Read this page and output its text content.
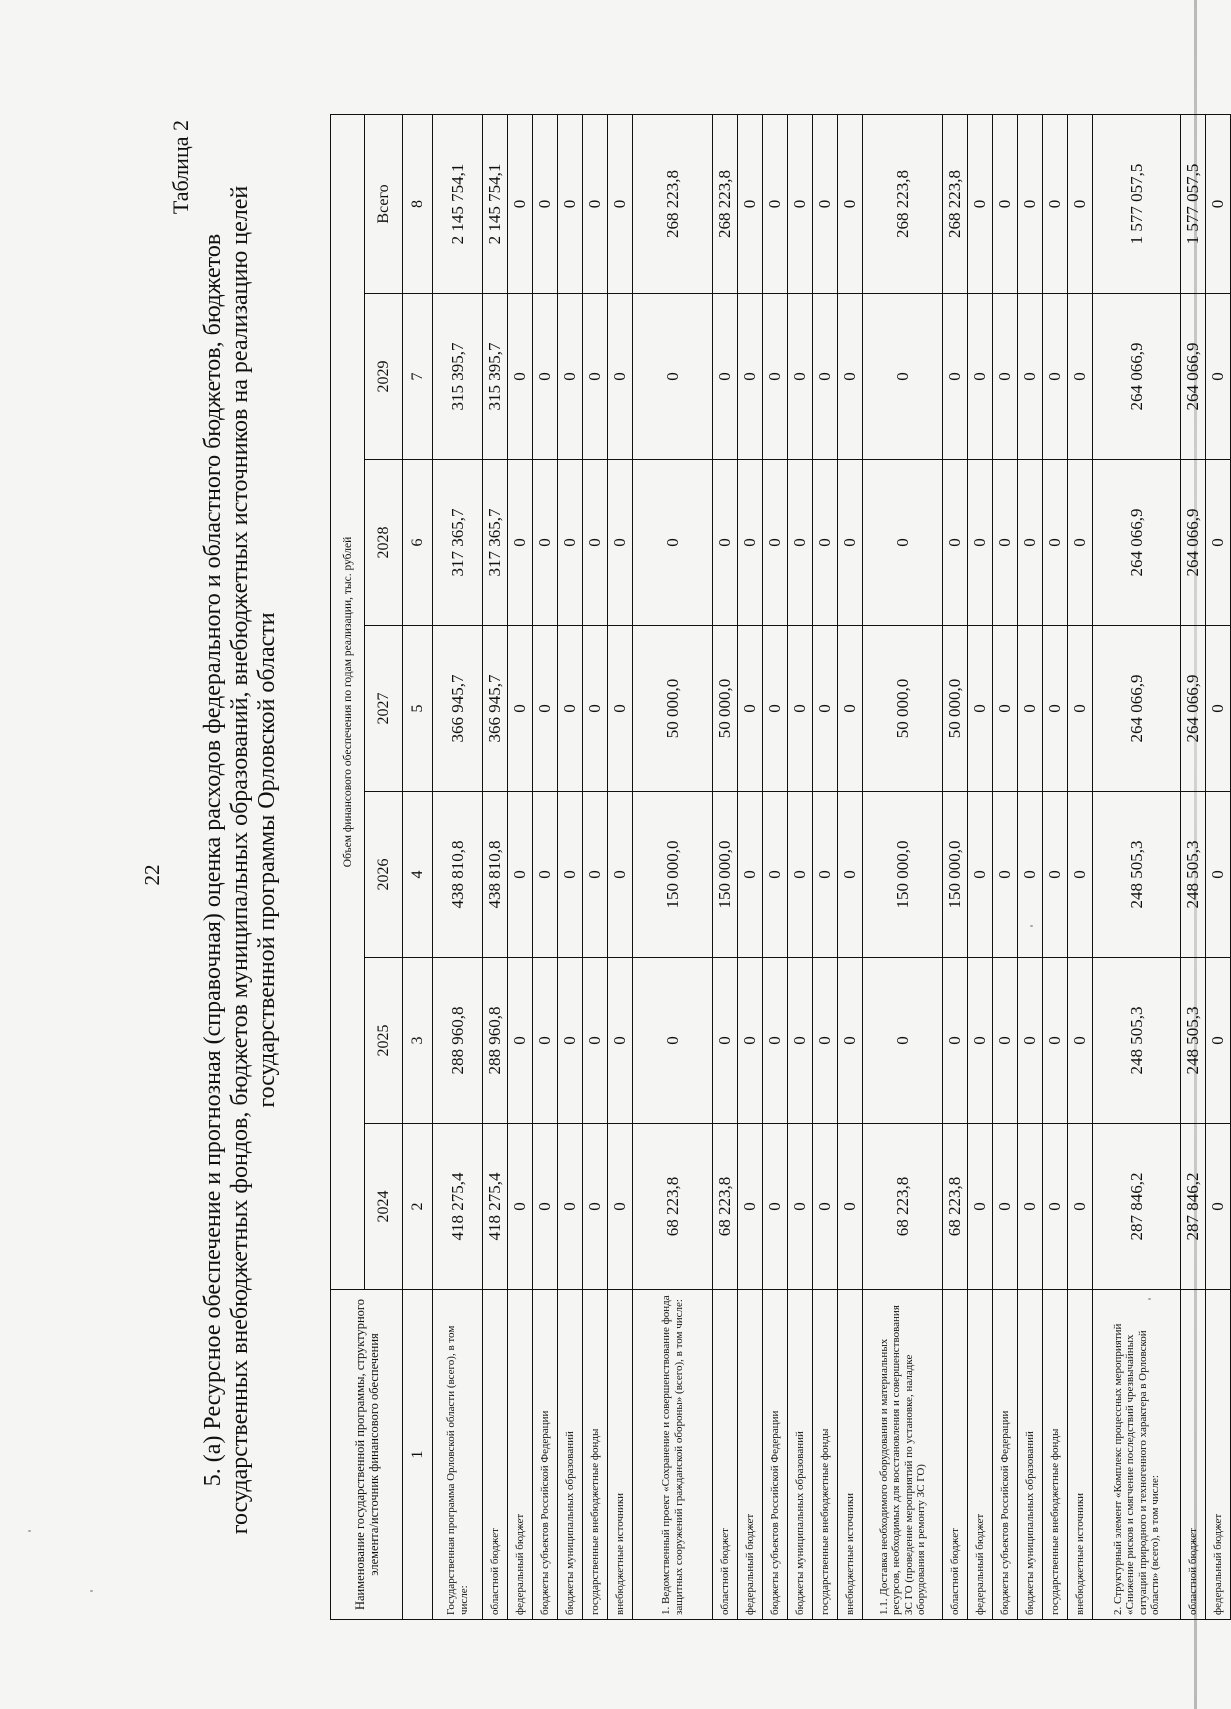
22
Таблица 2
5. (а) Ресурсное обеспечение и прогнозная (справочная) оценка расходов федерального и областного бюджетов, бюджетов государственных внебюджетных фондов, бюджетов муниципальных образований, внебюджетных источников на реализацию целей государственной программы Орловской области
Наименование государственной программы, структурного элемента/источник финансового обеспечения	Объем финансового обеспечения по годам реализации, тыс. рублей						
	2024	2025	2026	2027	2028	2029	Всего
1	2	3	4	5	6	7	8
Государственная программа Орловской области (всего), в том числе:	418 275,4	288 960,8	438 810,8	366 945,7	317 365,7	315 395,7	2 145 754,1
областной бюджет	418 275,4	288 960,8	438 810,8	366 945,7	317 365,7	315 395,7	2 145 754,1
федеральный бюджет	0	0	0	0	0	0	0
бюджеты субъектов Российской Федерации	0	0	0	0	0	0	0
бюджеты муниципальных образований	0	0	0	0	0	0	0
государственные внебюджетные фонды	0	0	0	0	0	0	0
внебюджетные источники	0	0	0	0	0	0	0
1. Ведомственный проект «Сохранение и совершенствование фонда защитных сооружений гражданской обороны» (всего), в том числе:	68 223,8	0	150 000,0	50 000,0	0	0	268 223,8
областной бюджет	68 223,8	0	150 000,0	50 000,0	0	0	268 223,8
федеральный бюджет	0	0	0	0	0	0	0
бюджеты субъектов Российской Федерации	0	0	0	0	0	0	0
бюджеты муниципальных образований	0	0	0	0	0	0	0
государственные внебюджетные фонды	0	0	0	0	0	0	0
внебюджетные источники	0	0	0	0	0	0	0
1.1. Доставка необходимого оборудования и материальных ресурсов, необходимых для восстановления и совершенствования ЗС ГО (проведение мероприятий по установке, наладке оборудования и ремонту ЗС ГО)	68 223,8	0	150 000,0	50 000,0	0	0	268 223,8
областной бюджет	68 223,8	0	150 000,0	50 000,0	0	0	268 223,8
федеральный бюджет	0	0	0	0	0	0	0
бюджеты субъектов Российской Федерации	0	0	0	0	0	0	0
бюджеты муниципальных образований	0	0	0	0	0	0	0
государственные внебюджетные фонды	0	0	0	0	0	0	0
внебюджетные источники	0	0	0	0	0	0	0
2. Структурный элемент «Комплекс процессных мероприятий «Снижение рисков и смягчение последствий чрезвычайных ситуаций природного и техногенного характера в Орловской области» (всего), в том числе:	287 846,2	248 505,3	248 505,3	264 066,9	264 066,9	264 066,9	1 577 057,5
областной бюджет	287 846,2	248 505,3	248 505,3	264 066,9	264 066,9	264 066,9	1 577 057,5
федеральный бюджет	0	0	0	0	0	0	0
